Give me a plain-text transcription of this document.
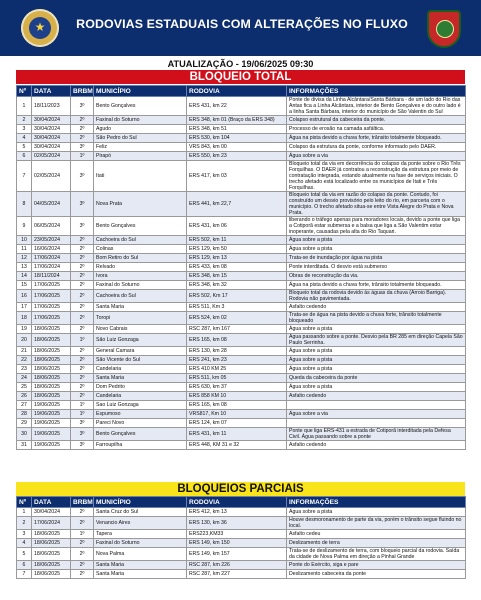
★	RODOVIAS ESTADUAIS COM ALTERAÇÕES NO FLUXO
ATUALIZAÇÃO - 19/06/2025 09:30
BLOQUEIO TOTAL
Nº	DATA	BRBM	MUNICÍPIO	RODOVIA	INFORMAÇÕES
1	18/11/2023	3º	Bento Gonçalves	ERS 431, km 22	Ponte de divisa da Linha Alcântara/Santa Bárbara - de um lado do Rio das Antas fica a Linha Alcântara, interior de Bento Gonçalves e do outro lado é a linha Santa Bárbara, interior do município de São Valentin do Sul
2	30/04/2024	2º	Faxinal do Soturno	ERS 348, km 01 (Braço da ERS 348)	Colapso estrutural da cabeceira da ponte.
3	30/04/2024	2º	Agudo	ERS 348, km 51	Processo de erosão na camada asfáltica.
4	30/04/2024	2º	São Pedro do Sul	ERS 530, km 104	Água na pista devido a chuva forte, trânsito totalmente bloqueado.
5	30/04/2024	3º	Feliz	VRS 843, km 00	Colapso da estrutura da ponte, conforme informado pelo DAER.
6	02/05/2024	1º	Pirapó	ERS 550, km 23	Água sobre a via
7	02/05/2024	3º	Itati	ERS 417, km 03	Bloqueio total da via em decorrência do colapso da ponte sobre o Rio Três Forquilhas. O DAER já contratou a reconstrução da estrutura por meio de contratação integrada, estando atualmente na fase de serviços iniciais. O trecho afetado está localizado entre os municípios de Itati e Três Forquilhas.
8	04/05/2024	3º	Nova Prata	ERS 441, km 22,7	Bloqueio total da via em razão do colapso da ponte. Contudo, foi construído um desvio provisório pelo leito do rio, em parceria com o município. O trecho afetado situa-se entre Vista Alegre do Prata e Nova Prata.
9	06/05/2024	3º	Bento Gonçalves	ERS 431, km 06	liberando o tráfego apenas para moradores locais, devido a ponte que liga a Cotiporã estar submersa e a balsa que liga a São Valentim estar inoperante, causadas pela alta do Rio Taquari.
10	23/05/2024	2º	Cachoeira do Sul	ERS 502, km 11	Água sobre a pista
11	16/06/2024	2º	Colinas	ERS 129, km 50	Água sobre a pista
12	17/06/2024	2º	Bom Retiro do Sul	ERS 129, km 13	Trata-se de inundação por água na pista
13	17/06/2024	2º	Relvado	ERS 433, km 08	Ponte interditada. O desvio está submerso
14	18/11/2024	2º	Ivora	ERS 348, km 15	Obras de reconstrução da via.
15	17/06/2025	2º	Faxinal do Soturno	ERS 348, km 32	Água na pista devido a chuva forte, trânsito totalmente bloqueado.
16	17/06/2025	2º	Cachoeira do Sul	ERS 502, Km 17	Bloqueio total da rodovia devido às águas da chuva (Arroio Barriga). Rodovia não pavimentada.
17	17/06/2025	2º	Santa Maria	ERS 511, Km 3	Asfalto cedendo
18	17/06/2025	2º	Toropi	ERS 524, km 02	Trata-se de água na pista devido a chuva forte, trânsito totalmente bloqueado
19	18/06/2025	2º	Novo Cabrais	RSC 287, km 167	Água sobre a pista
20	18/06/2025	1º	São Luiz Gonzaga	ERS 165, km 08	Água passando sobre a ponte. Desvio pela BR 285 em direção Capela São Paulo Serrinha.
21	18/06/2025	2º	General Camara	ERS 130, km 28	Água sobre a pista
22	18/06/2025	2º	São Vicente do Sul	ERS 241, km 23	Água sobre a pista
23	18/06/2025	2º	Candelaria	ERS 410 KM 25	Água sobre a pista
24	18/06/2025	2º	Santa Maria	ERS 511, km 05	Queda da cabeceira da ponte
25	18/06/2025	2º	Dom Pedrito	ERS 630, km 37	Água sobre a pista
26	18/06/2025	2º	Candelaria	ERS 858 KM 10	Asfalto cedendo
27	19/06/2025	1º	Sao Luiz Gonzaga	ERS 165, km 08	
28	19/06/2025	1º	Espumoso	VRS817, Km 10	Água sobre a via
29	19/06/2025	3º	Pareci Novo	ERS 124, km 07	
30	19/06/2025	3º	Bento Gonçalves	ERS 431, km 11	Ponte que liga ERS-431 a estrada de Cotiporã interditada pela Defesa Civil. Água passando sobre a ponte
31	19/06/2025	3º	Farroupilha	ERS 448, KM 31 e 32	Asfalto cedendo
BLOQUEIOS PARCIAIS
Nº	DATA	BRBM	MUNICÍPIO	RODOVIA	INFORMAÇÕES
1	30/04/2024	2º	Santa Cruz do Sul	ERS 412, km 13	Água sobre a pista
2	17/06/2024	2º	Venancio Aires	ERS 130, km 36	Houve desmoronamento de parte da via, porém o trânsito segue fluindo no local.
3	18/06/2025	1º	Tapera	ERS223,KM33	Asfalto cedeu
4	18/06/2025	2º	Faxinal do Soturno	ERS 149, km 150	Deslizamento de terra
5	18/06/2025	2º	Nova Palma	ERS 149, km 157	Trata-se de deslizamento de terra, com bloqueio parcial da rodovia. Saída da cidade de Nova Palma em direção a Pinhal Grande
6	18/06/2025	2º	Santa Maria	RSC 287, km 226	Ponte do Exército, siga e pare
7	18/06/2025	2º	Santa Maria	RSC 287, km 227	Deslizamento cabeceira da ponte
